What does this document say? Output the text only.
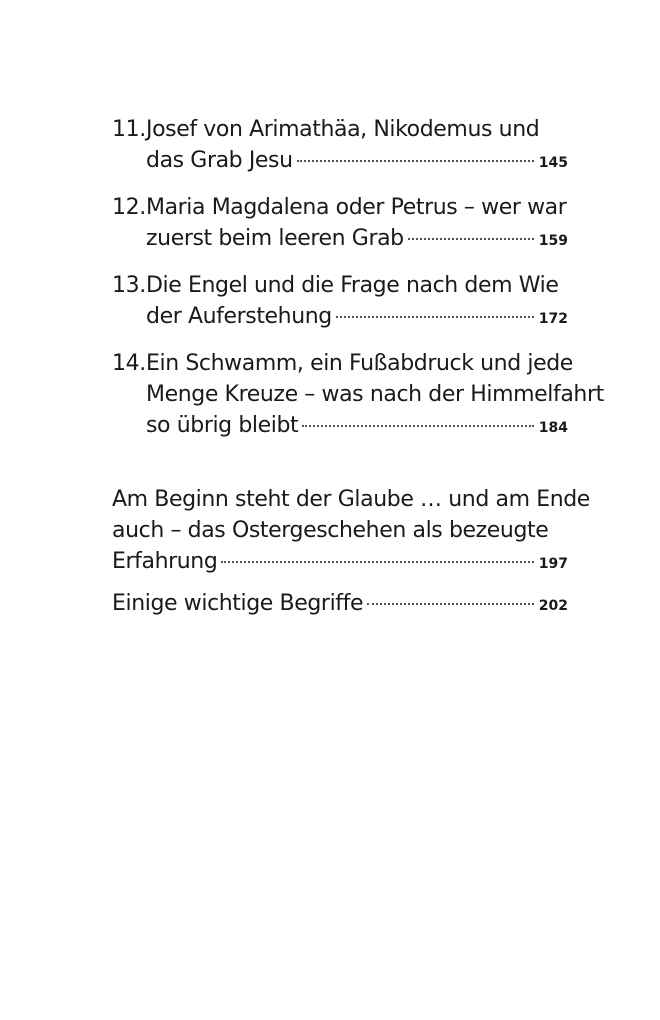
11. Josef von Arimathäa, Nikodemus und
das Grab Jesu	145
12. Maria Magdalena oder Petrus – wer war
zuerst beim leeren Grab	159
13. Die Engel und die Frage nach dem Wie
der Auferstehung	172
14. Ein Schwamm, ein Fußabdruck und jede
Menge Kreuze – was nach der Himmelfahrt
so übrig bleibt	184
Am Beginn steht der Glaube … und am Ende
auch – das Ostergeschehen als bezeugte
Erfahrung	197
Einige wichtige Begriffe	202
